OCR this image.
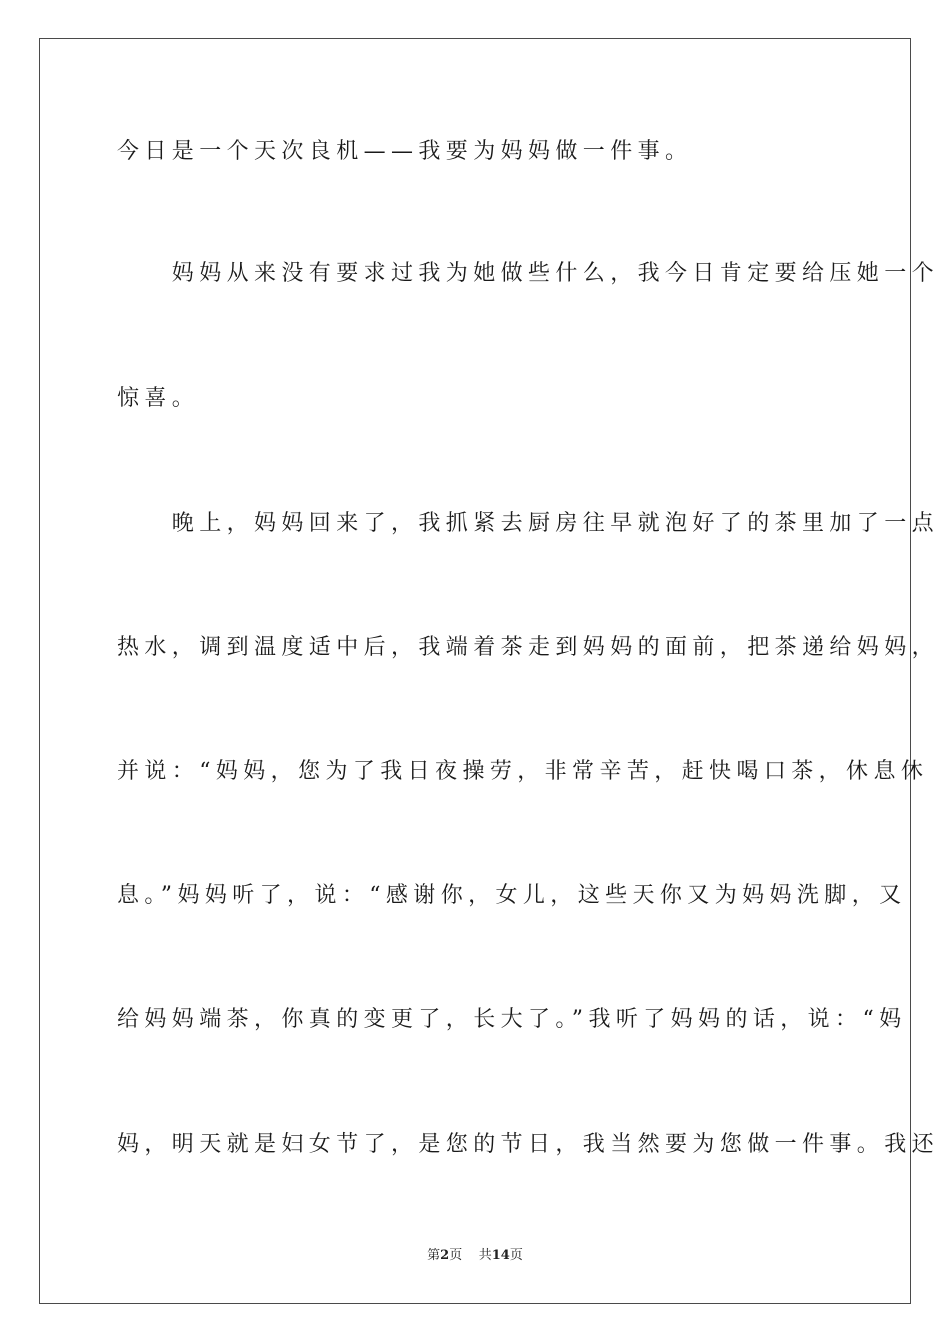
今日是一个天次良机——我要为妈妈做一件事。
　　妈妈从来没有要求过我为她做些什么，我今日肯定要给压她一个
惊喜。
　　晚上，妈妈回来了，我抓紧去厨房往早就泡好了的茶里加了一点
热水，调到温度适中后，我端着茶走到妈妈的面前，把茶递给妈妈，
并说：“妈妈，您为了我日夜操劳，非常辛苦，赶快喝口茶，休息休
息。”妈妈听了，说：“感谢你，女儿，这些天你又为妈妈洗脚，又
给妈妈端茶，你真的变更了，长大了。”我听了妈妈的话，说：“妈
妈，明天就是妇女节了，是您的节日，我当然要为您做一件事。我还
第2页 共14页
